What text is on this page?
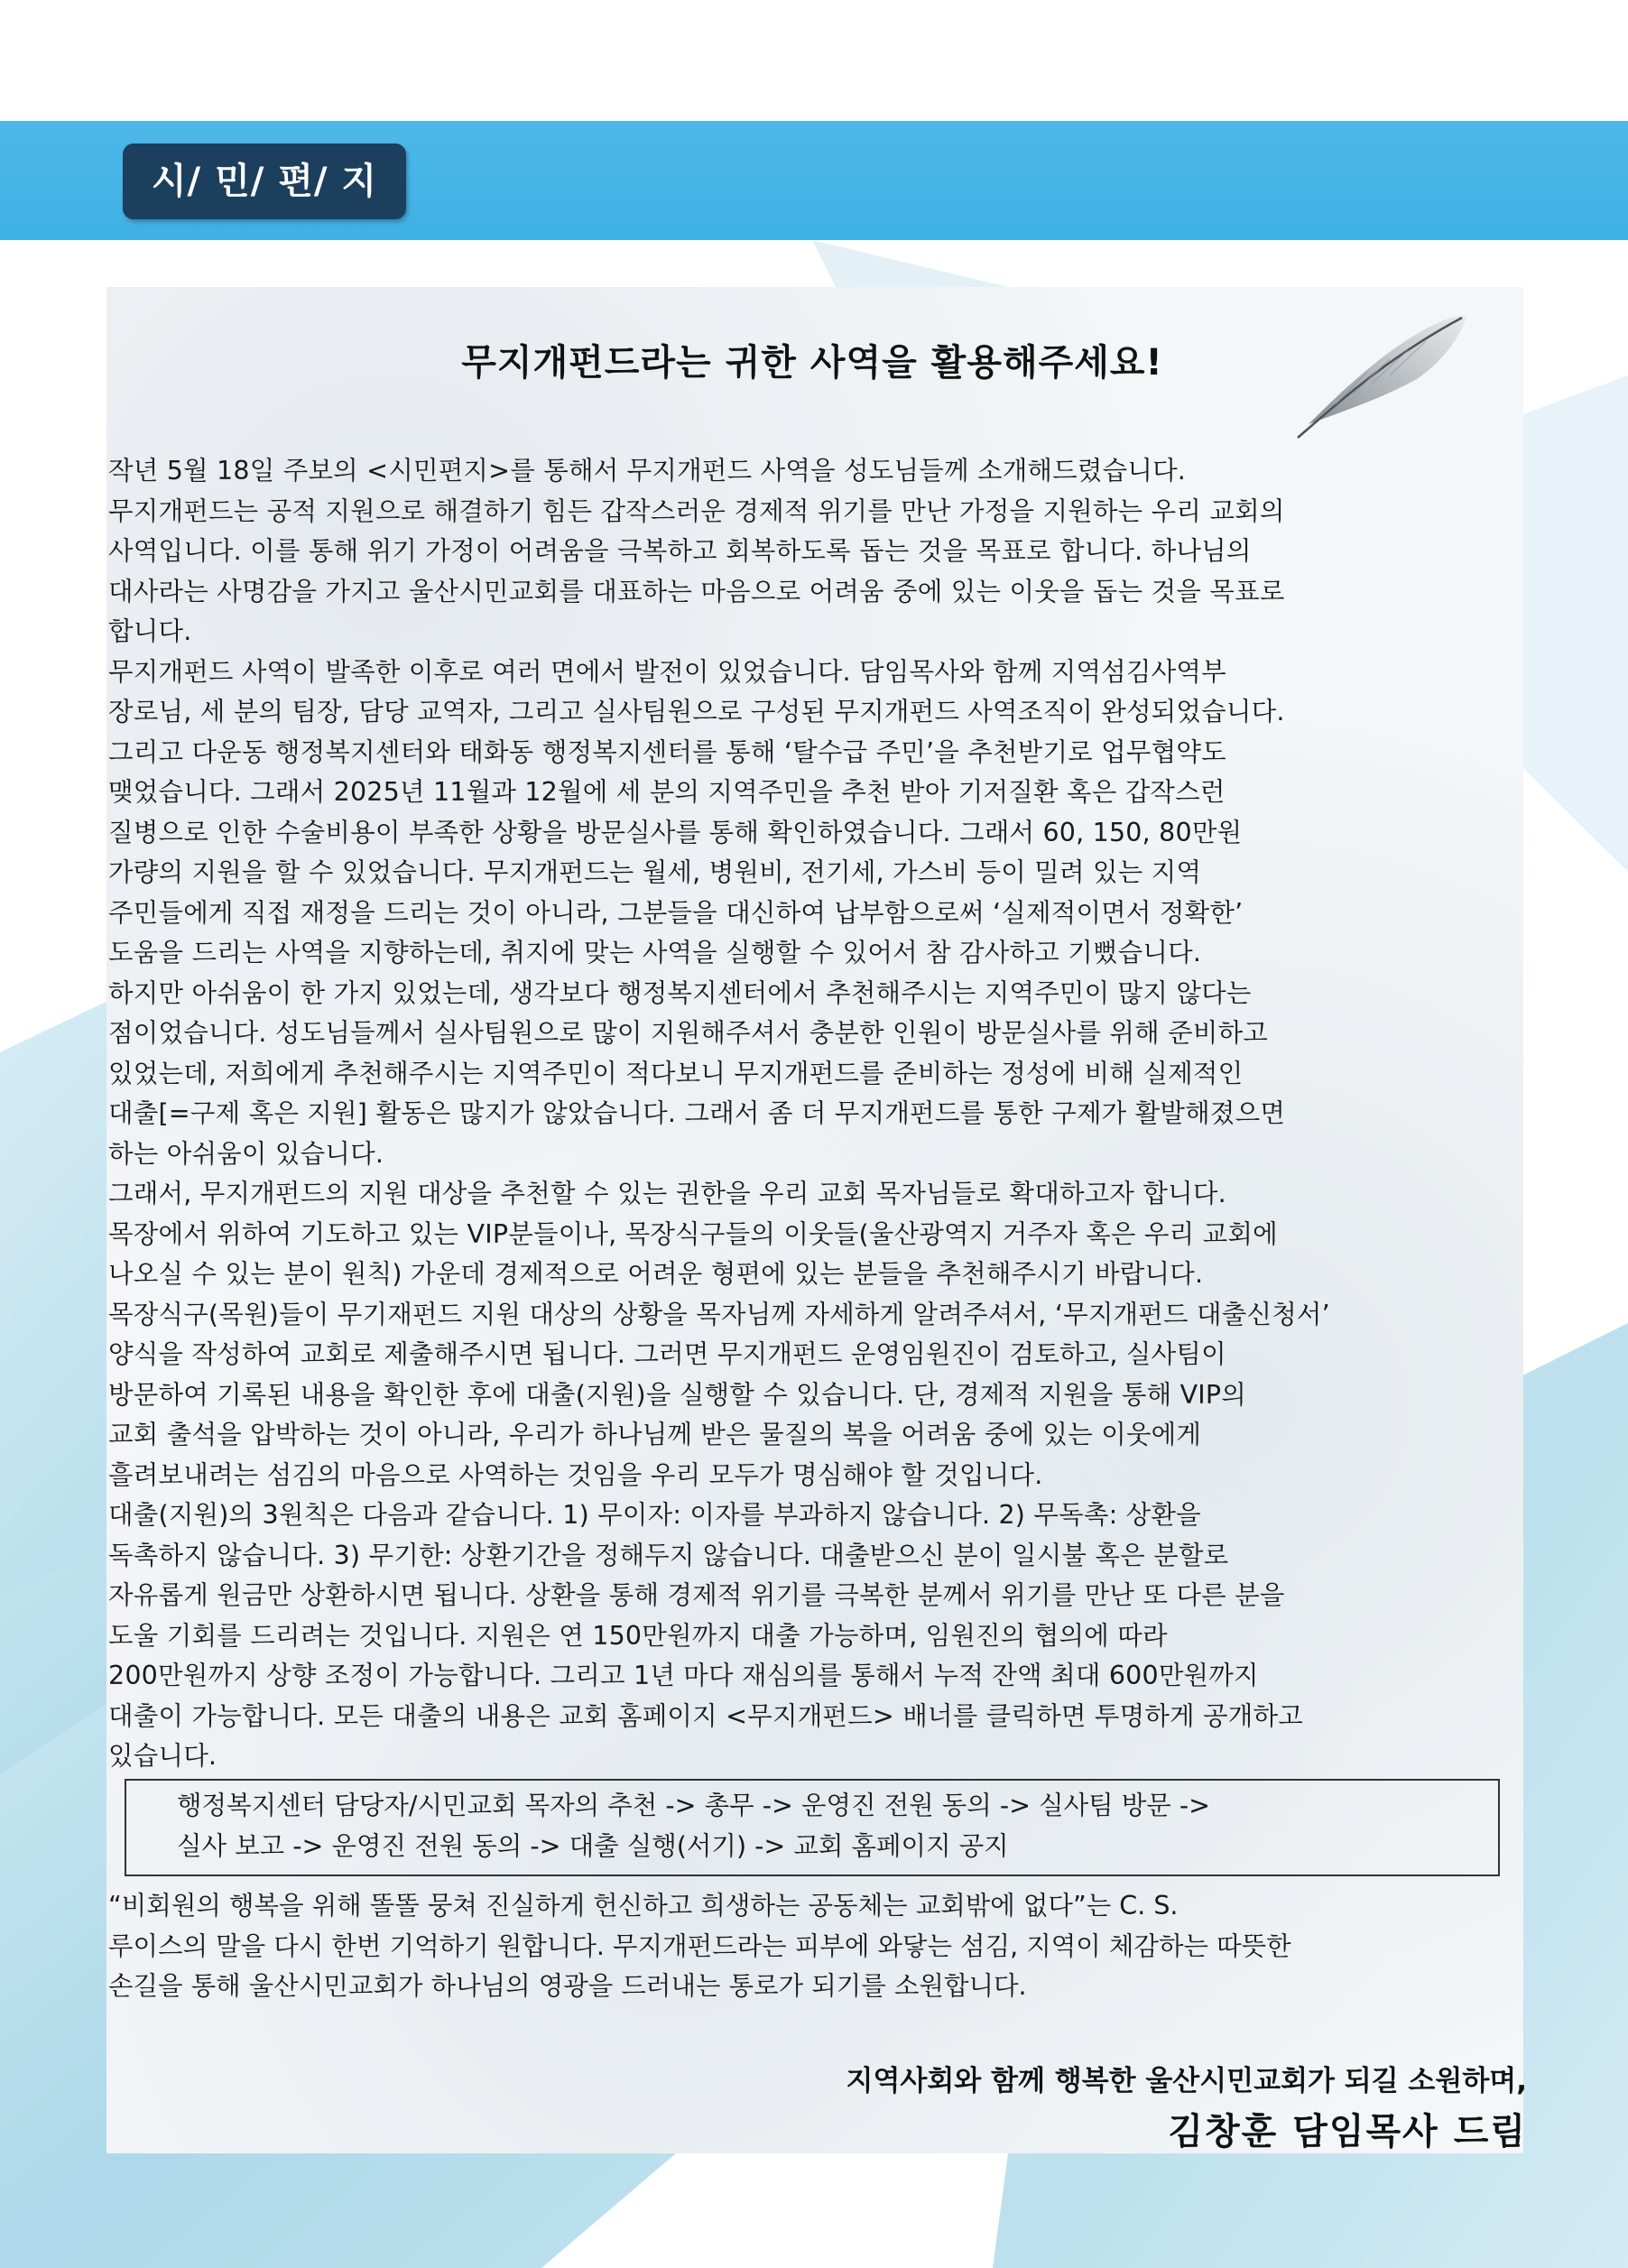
시/ 민/ 편/ 지
무지개펀드라는 귀한 사역을 활용해주세요!

작년 5월 18일 주보의 <시민편지>를 통해서 무지개펀드 사역을 성도님들께 소개해드렸습니다.
무지개펀드는 공적 지원으로 해결하기 힘든 갑작스러운 경제적 위기를 만난 가정을 지원하는 우리 교회의
사역입니다. 이를 통해 위기 가정이 어려움을 극복하고 회복하도록 돕는 것을 목표로 합니다. 하나님의
대사라는 사명감을 가지고 울산시민교회를 대표하는 마음으로 어려움 중에 있는 이웃을 돕는 것을 목표로
합니다.

무지개펀드 사역이 발족한 이후로 여러 면에서 발전이 있었습니다. 담임목사와 함께 지역섬김사역부
장로님, 세 분의 팀장, 담당 교역자, 그리고 실사팀원으로 구성된 무지개펀드 사역조직이 완성되었습니다.
그리고 다운동 행정복지센터와 태화동 행정복지센터를 통해 ‘탈수급 주민’을 추천받기로 업무협약도
맺었습니다. 그래서 2025년 11월과 12월에 세 분의 지역주민을 추천 받아 기저질환 혹은 갑작스런
질병으로 인한 수술비용이 부족한 상황을 방문실사를 통해 확인하였습니다. 그래서 60, 150, 80만원
가량의 지원을 할 수 있었습니다. 무지개펀드는 월세, 병원비, 전기세, 가스비 등이 밀려 있는 지역
주민들에게 직접 재정을 드리는 것이 아니라, 그분들을 대신하여 납부함으로써 ‘실제적이면서 정확한’
도움을 드리는 사역을 지향하는데, 취지에 맞는 사역을 실행할 수 있어서 참 감사하고 기뻤습니다.

하지만 아쉬움이 한 가지 있었는데, 생각보다 행정복지센터에서 추천해주시는 지역주민이 많지 않다는
점이었습니다. 성도님들께서 실사팀원으로 많이 지원해주셔서 충분한 인원이 방문실사를 위해 준비하고
있었는데, 저희에게 추천해주시는 지역주민이 적다보니 무지개펀드를 준비하는 정성에 비해 실제적인
대출[=구제 혹은 지원] 활동은 많지가 않았습니다. 그래서 좀 더 무지개펀드를 통한 구제가 활발해졌으면
하는 아쉬움이 있습니다.

그래서, 무지개펀드의 지원 대상을 추천할 수 있는 권한을 우리 교회 목자님들로 확대하고자 합니다.
목장에서 위하여 기도하고 있는 VIP분들이나, 목장식구들의 이웃들(울산광역지 거주자 혹은 우리 교회에
나오실 수 있는 분이 원칙) 가운데 경제적으로 어려운 형편에 있는 분들을 추천해주시기 바랍니다.
목장식구(목원)들이 무기재펀드 지원 대상의 상황을 목자님께 자세하게 알려주셔서, ‘무지개펀드 대출신청서’
양식을 작성하여 교회로 제출해주시면 됩니다. 그러면 무지개펀드 운영임원진이 검토하고, 실사팀이
방문하여 기록된 내용을 확인한 후에 대출(지원)을 실행할 수 있습니다. 단, 경제적 지원을 통해 VIP의
교회 출석을 압박하는 것이 아니라, 우리가 하나님께 받은 물질의 복을 어려움 중에 있는 이웃에게
흘려보내려는 섬김의 마음으로 사역하는 것임을 우리 모두가 명심해야 할 것입니다.

대출(지원)의 3원칙은 다음과 같습니다. 1) 무이자: 이자를 부과하지 않습니다. 2) 무독촉: 상환을
독촉하지 않습니다. 3) 무기한: 상환기간을 정해두지 않습니다. 대출받으신 분이 일시불 혹은 분할로
자유롭게 원금만 상환하시면 됩니다. 상환을 통해 경제적 위기를 극복한 분께서 위기를 만난 또 다른 분을
도울 기회를 드리려는 것입니다. 지원은 연 150만원까지 대출 가능하며, 임원진의 협의에 따라
200만원까지 상향 조정이 가능합니다. 그리고 1년 마다 재심의를 통해서 누적 잔액 최대 600만원까지
대출이 가능합니다. 모든 대출의 내용은 교회 홈페이지 <무지개펀드> 배너를 클릭하면 투명하게 공개하고
있습니다.

행정복지센터 담당자/시민교회 목자의 추천 -> 총무 -> 운영진 전원 동의 -> 실사팀 방문 ->
실사 보고 -> 운영진 전원 동의 -> 대출 실행(서기) -> 교회 홈페이지 공지

“비회원의 행복을 위해 똘똘 뭉쳐 진실하게 헌신하고 희생하는 공동체는 교회밖에 없다”는 C. S.
루이스의 말을 다시 한번 기억하기 원합니다. 무지개펀드라는 피부에 와닿는 섬김, 지역이 체감하는 따뜻한
손길을 통해 울산시민교회가 하나님의 영광을 드러내는 통로가 되기를 소원합니다.

지역사회와 함께 행복한 울산시민교회가 되길 소원하며,
김창훈 담임목사 드림
